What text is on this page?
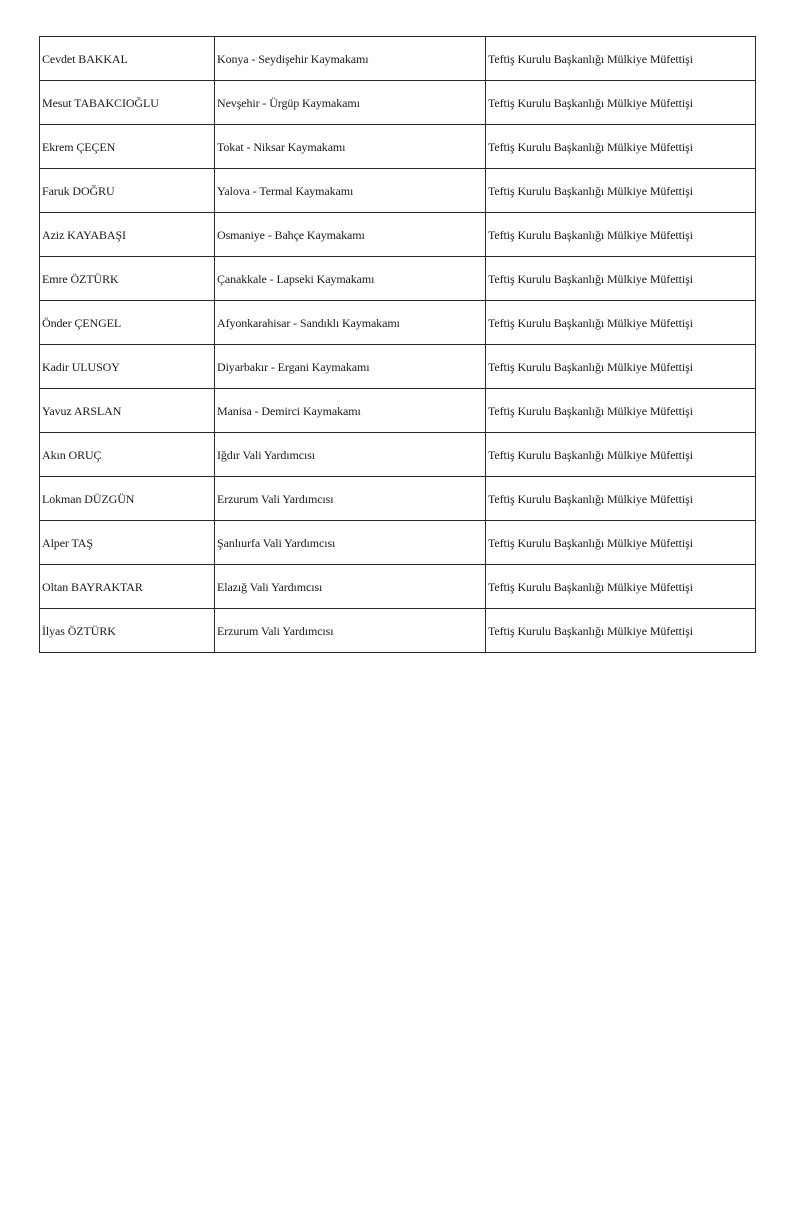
Cevdet BAKKAL	Konya - Seydişehir Kaymakamı	Teftiş Kurulu Başkanlığı Mülkiye Müfettişi
Mesut TABAKCIOĞLU	Nevşehir - Ürgüp Kaymakamı	Teftiş Kurulu Başkanlığı Mülkiye Müfettişi
Ekrem ÇEÇEN	Tokat - Niksar Kaymakamı	Teftiş Kurulu Başkanlığı Mülkiye Müfettişi
Faruk DOĞRU	Yalova - Termal Kaymakamı	Teftiş Kurulu Başkanlığı Mülkiye Müfettişi
Aziz KAYABAŞI	Osmaniye - Bahçe Kaymakamı	Teftiş Kurulu Başkanlığı Mülkiye Müfettişi
Emre ÖZTÜRK	Çanakkale - Lapseki Kaymakamı	Teftiş Kurulu Başkanlığı Mülkiye Müfettişi
Önder ÇENGEL	Afyonkarahisar - Sandıklı Kaymakamı	Teftiş Kurulu Başkanlığı Mülkiye Müfettişi
Kadir ULUSOY	Diyarbakır - Ergani Kaymakamı	Teftiş Kurulu Başkanlığı Mülkiye Müfettişi
Yavuz ARSLAN	Manisa - Demirci Kaymakamı	Teftiş Kurulu Başkanlığı Mülkiye Müfettişi
Akın ORUÇ	Iğdır Vali Yardımcısı	Teftiş Kurulu Başkanlığı Mülkiye Müfettişi
Lokman DÜZGÜN	Erzurum Vali Yardımcısı	Teftiş Kurulu Başkanlığı Mülkiye Müfettişi
Alper TAŞ	Şanlıurfa Vali Yardımcısı	Teftiş Kurulu Başkanlığı Mülkiye Müfettişi
Oltan BAYRAKTAR	Elazığ Vali Yardımcısı	Teftiş Kurulu Başkanlığı Mülkiye Müfettişi
İlyas ÖZTÜRK	Erzurum Vali Yardımcısı	Teftiş Kurulu Başkanlığı Mülkiye Müfettişi
